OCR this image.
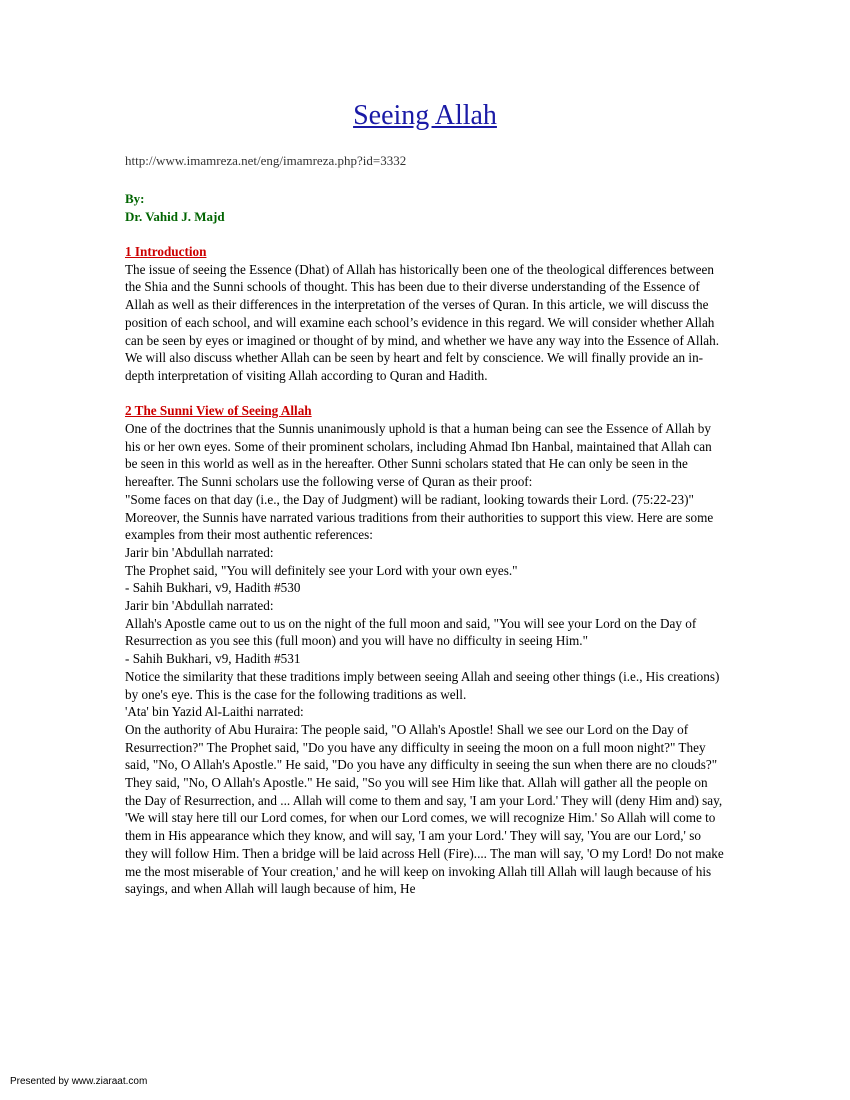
Seeing Allah
http://www.imamreza.net/eng/imamreza.php?id=3332
By:
Dr. Vahid J. Majd

1 Introduction

The issue of seeing the Essence (Dhat) of Allah has historically been one of the theological differences between the Shia and the Sunni schools of thought. This has been due to their diverse understanding of the Essence of Allah as well as their differences in the interpretation of the verses of Quran. In this article, we will discuss the position of each school, and will examine each school’s evidence in this regard. We will consider whether Allah can be seen by eyes or imagined or thought of by mind, and whether we have any way into the Essence of Allah. We will also discuss whether Allah can be seen by heart and felt by conscience. We will finally provide an in-depth interpretation of visiting Allah according to Quran and Hadith.

2 The Sunni View of Seeing Allah

One of the doctrines that the Sunnis unanimously uphold is that a human being can see the Essence of Allah by his or her own eyes. Some of their prominent scholars, including Ahmad Ibn Hanbal, maintained that Allah can be seen in this world as well as in the hereafter. Other Sunni scholars stated that He can only be seen in the hereafter. The Sunni scholars use the following verse of Quran as their proof:

"Some faces on that day (i.e., the Day of Judgment) will be radiant, looking towards their Lord. (75:22-23)"

Moreover, the Sunnis have narrated various traditions from their authorities to support this view. Here are some examples from their most authentic references:

Jarir bin 'Abdullah narrated:

The Prophet said, "You will definitely see your Lord with your own eyes."

- Sahih Bukhari, v9, Hadith #530

Jarir bin 'Abdullah narrated:

Allah's Apostle came out to us on the night of the full moon and said, "You will see your Lord on the Day of Resurrection as you see this (full moon) and you will have no difficulty in seeing Him."

- Sahih Bukhari, v9, Hadith #531

Notice the similarity that these traditions imply between seeing Allah and seeing other things (i.e., His creations) by one's eye. This is the case for the following traditions as well.

'Ata' bin Yazid Al-Laithi narrated:

On the authority of Abu Huraira: The people said, "O Allah's Apostle! Shall we see our Lord on the Day of Resurrection?" The Prophet said, "Do you have any difficulty in seeing the moon on a full moon night?" They said, "No, O Allah's Apostle." He said, "Do you have any difficulty in seeing the sun when there are no clouds?" They said, "No, O Allah's Apostle." He said, "So you will see Him like that. Allah will gather all the people on the Day of Resurrection, and ... Allah will come to them and say, 'I am your Lord.' They will (deny Him and) say, 'We will stay here till our Lord comes, for when our Lord comes, we will recognize Him.' So Allah will come to them in His appearance which they know, and will say, 'I am your Lord.' They will say, 'You are our Lord,' so they will follow Him. Then a bridge will be laid across Hell (Fire).... The man will say, 'O my Lord! Do not make me the most miserable of Your creation,' and he will keep on invoking Allah till Allah will laugh because of his sayings, and when Allah will laugh because of him, He

Presented by www.ziaraat.com
